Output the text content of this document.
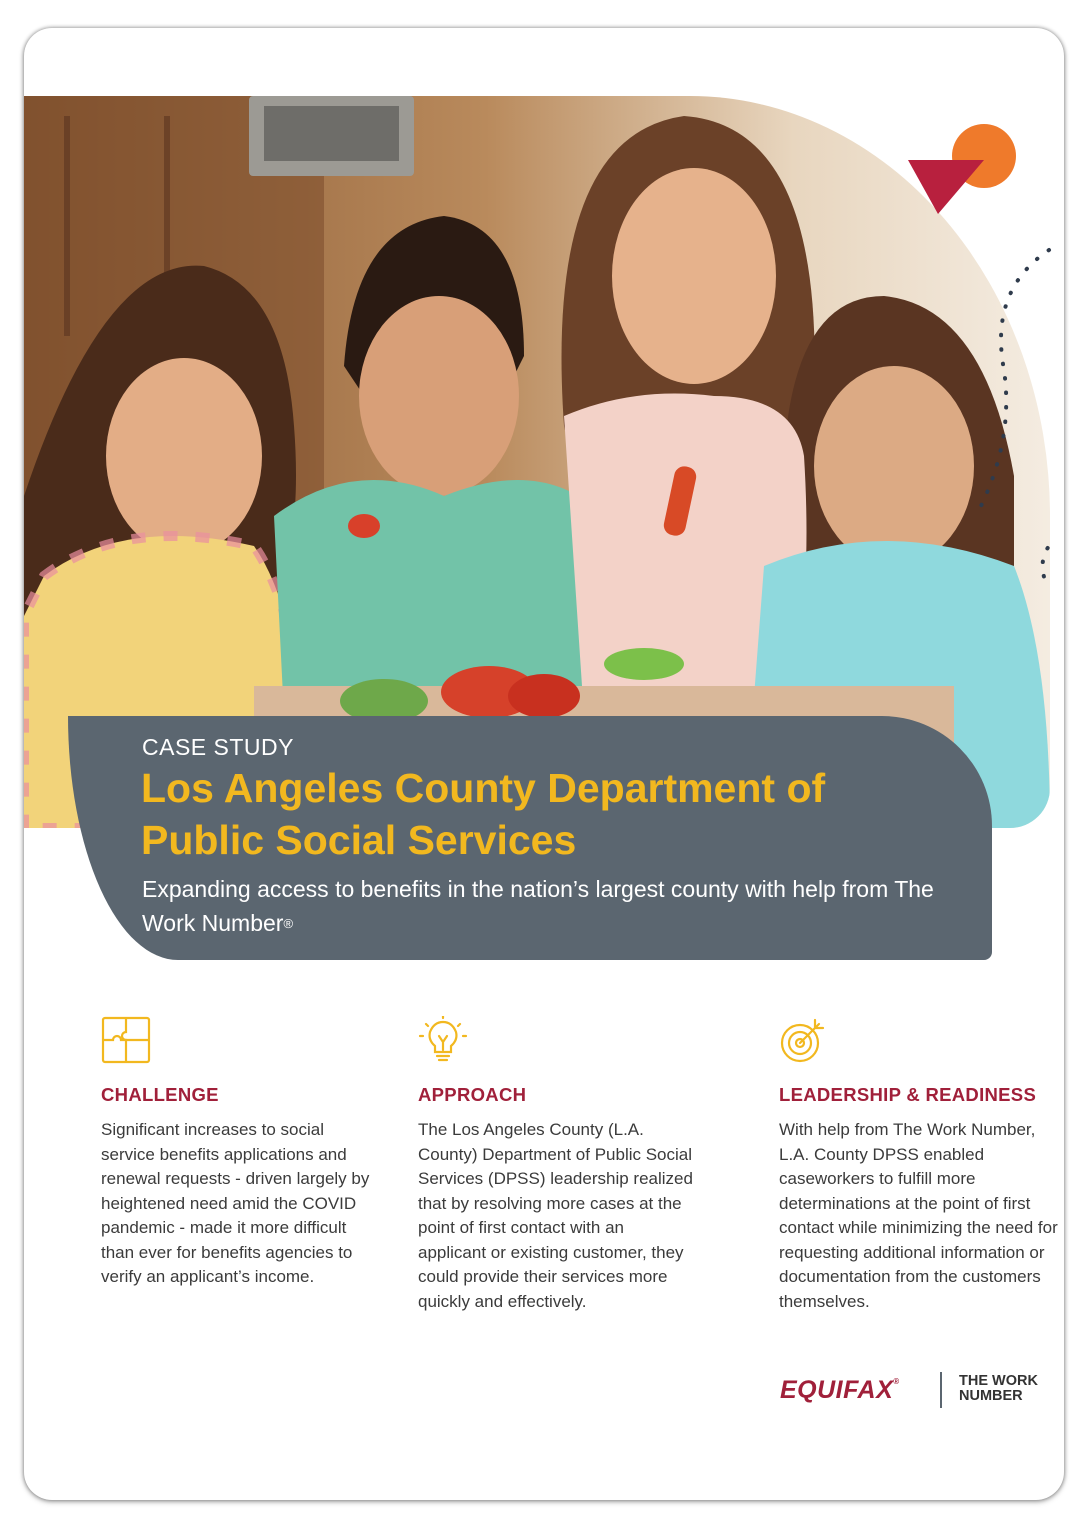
CASE STUDY

Los Angeles County Department of Public Social Services

Expanding access to benefits in the nation’s largest county with help from The Work Number®

CHALLENGE

Significant increases to social service benefits applications and renewal requests - driven largely by heightened need amid the COVID pandemic - made it more difficult than ever for benefits agencies to verify an applicant’s income.

APPROACH

The Los Angeles County (L.A. County) Department of Public Social Services (DPSS) leadership realized that by resolving more cases at the point of first contact with an applicant or existing customer, they could provide their services more quickly and effectively.

LEADERSHIP & READINESS

With help from The Work Number, L.A. County DPSS enabled caseworkers to fulfill more determinations at the point of first contact while minimizing the need for requesting additional information or documentation from the customers themselves.

EQUIFAX®	THE WORK
NUMBER
